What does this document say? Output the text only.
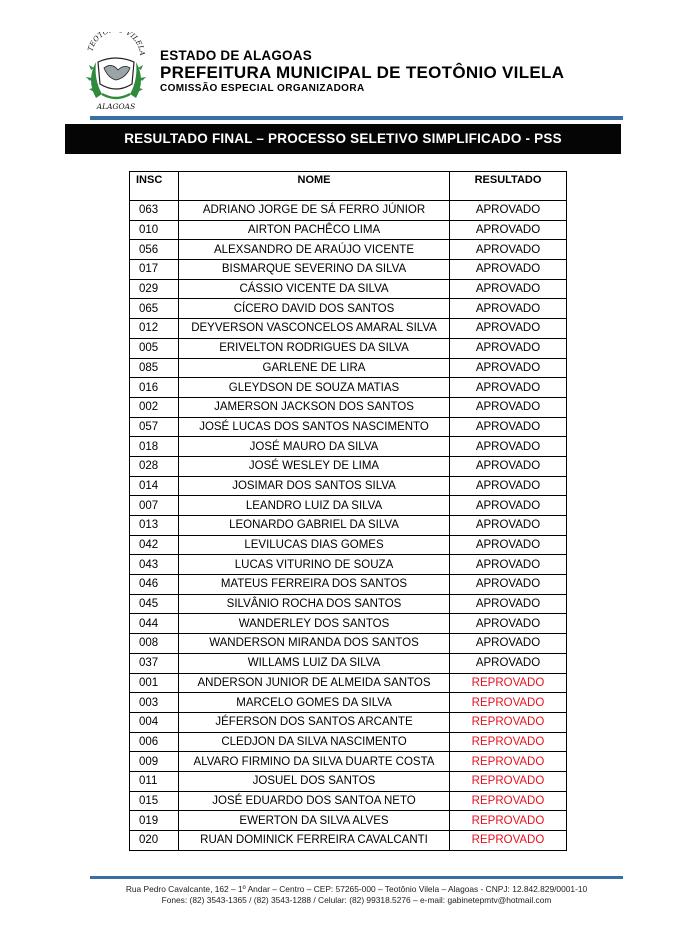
TEOTÔ VILELA
ALAGOAS
ESTADO DE ALAGOAS
PREFEITURA MUNICIPAL DE TEOTÔNIO VILELA
COMISSÃO ESPECIAL ORGANIZADORA
RESULTADO FINAL – PROCESSO SELETIVO SIMPLIFICADO - PSS
INSC	NOME	RESULTADO
063	ADRIANO JORGE DE SÁ FERRO JÚNIOR	APROVADO
010	AIRTON PACHÊCO LIMA	APROVADO
056	ALEXSANDRO DE ARAÚJO VICENTE	APROVADO
017	BISMARQUE SEVERINO DA SILVA	APROVADO
029	CÁSSIO VICENTE DA SILVA	APROVADO
065	CÍCERO DAVID DOS SANTOS	APROVADO
012	DEYVERSON VASCONCELOS AMARAL SILVA	APROVADO
005	ERIVELTON RODRIGUES DA SILVA	APROVADO
085	GARLENE DE LIRA	APROVADO
016	GLEYDSON DE SOUZA MATIAS	APROVADO
002	JAMERSON JACKSON DOS SANTOS	APROVADO
057	JOSÉ LUCAS DOS SANTOS NASCIMENTO	APROVADO
018	JOSÉ MAURO DA SILVA	APROVADO
028	JOSÉ WESLEY DE LIMA	APROVADO
014	JOSIMAR DOS SANTOS SILVA	APROVADO
007	LEANDRO LUIZ DA SILVA	APROVADO
013	LEONARDO GABRIEL DA SILVA	APROVADO
042	LEVILUCAS DIAS GOMES	APROVADO
043	LUCAS VITURINO DE SOUZA	APROVADO
046	MATEUS FERREIRA DOS SANTOS	APROVADO
045	SILVÂNIO ROCHA DOS SANTOS	APROVADO
044	WANDERLEY DOS SANTOS	APROVADO
008	WANDERSON MIRANDA DOS SANTOS	APROVADO
037	WILLAMS LUIZ DA SILVA	APROVADO
001	ANDERSON JUNIOR DE ALMEIDA SANTOS	REPROVADO
003	MARCELO GOMES DA SILVA	REPROVADO
004	JÉFERSON DOS SANTOS ARCANTE	REPROVADO
006	CLEDJON DA SILVA NASCIMENTO	REPROVADO
009	ALVARO FIRMINO DA SILVA DUARTE COSTA	REPROVADO
011	JOSUEL DOS SANTOS	REPROVADO
015	JOSÉ EDUARDO DOS SANTOA NETO	REPROVADO
019	EWERTON DA SILVA ALVES	REPROVADO
020	RUAN DOMINICK FERREIRA CAVALCANTI	REPROVADO
Rua Pedro Cavalcante, 162 – 1º Andar – Centro – CEP: 57265-000 – Teotônio Vilela – Alagoas - CNPJ: 12.842.829/0001-10
Fones: (82) 3543-1365 / (82) 3543-1288 / Celular: (82) 99318.5276 – e-mail: gabinetepmtv@hotmail.com
